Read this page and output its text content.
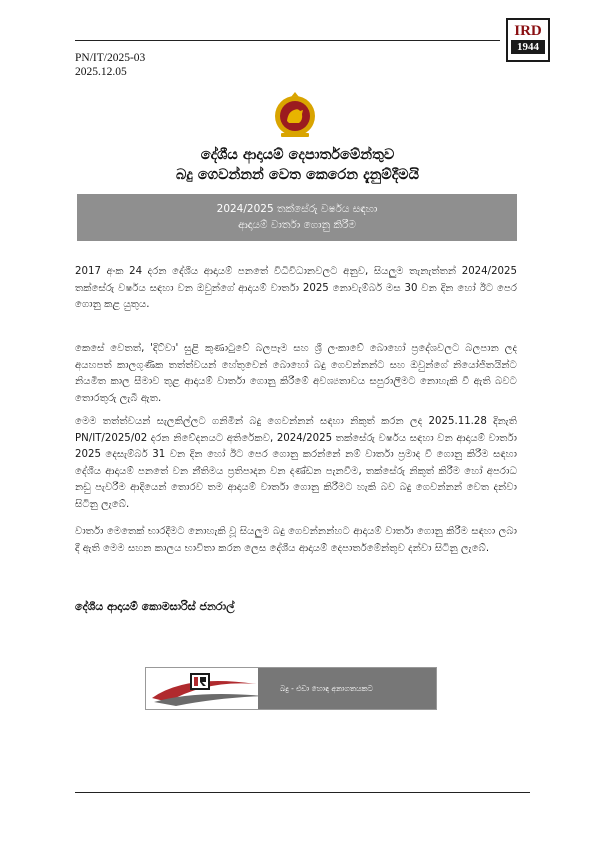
IRD
1944
PN/IT/2025-03
2025.12.05
දේශීය ආදායම් දෙපාර්තමේන්තුව
බදු ගෙවන්නන් වෙත කෙරෙන දැනුම්දීමයි
2024/2025 තක්සේරු වර්ෂය සඳහා
ආදායම් වාර්තා ගොනු කිරීම
2017 අංක 24 දරන දේශීය ආදායම් පනතේ විධිවිධානවලට අනුව, සියලුම තැනැත්තන් 2024/2025 තක්සේරු වර්ෂය සඳහා වන ඔවුන්ගේ ආදායම් වාර්තා 2025 නොවැම්බර් මස 30 වන දින හෝ ඊට පෙර ගොනු කළ යුතුය.
කෙසේ වෙතත්, 'දිට්වා' සුළි කුණාටුවේ බලපෑම සහ ශ්‍රී ලංකාවේ බොහෝ ප්‍රදේශවලට බලපාන ලද අයහපත් කාලගුණික තත්ත්වයන් හේතුවෙන් බොහෝ බදු ගෙවන්නන්ට සහ ඔවුන්ගේ නියෝජිතයින්ට නියමිත කාල සීමාව තුළ ආදායම් වාර්තා ගොනු කිරීමේ අවශ්‍යතාවය සපුරාලීමට නොහැකි වී ඇති බවට තොරතුරු ලැබී ඇත.
මෙම තත්ත්වයන් සැලකිල්ලට ගනිමින් බදු ගෙවන්නන් සඳහා නිකුත් කරන ලද 2025.11.28 දිනැති PN/IT/2025/02 දරන නිවේදනයට අතිරේකව, 2024/2025 තක්සේරු වර්ෂය සඳහා වන ආදායම් වාර්තා 2025 දෙසැම්බර් 31 වන දින හෝ ඊට පෙර ගොනු කරන්නේ නම් වාර්තා ප්‍රමාද වී ගොනු කිරීම සඳහා දේශීය ආදායම් පනතේ වන නීතිමය ප්‍රතිපාදන වන දණ්ඩන පැනවීම, තක්සේරු නිකුත් කිරීම හෝ අපරාධ නඩු පැවරීම ආදියෙන් තොරව තම ආදායම් වාර්තා ගොනු කිරීමට හැකි බව බදු ගෙවන්නන් වෙත දන්වා සිටිනු ලැබේ.
වාර්තා මෙතෙක් භාරදීමට නොහැකි වූ සියලුම බදු ගෙවන්නන්හට ආදායම් වාර්තා ගොනු කිරීම සඳහා ලබා දී ඇති මෙම සහන කාලය භාවිතා කරන ලෙස දේශීය ආදායම් දෙපාර්තමේන්තුව දන්වා සිටිනු ලැබේ.
දේශීය ආදායම් කොමසාරිස් ජනරාල්
බදු - එඩා හොඳ අනාගතයකට
